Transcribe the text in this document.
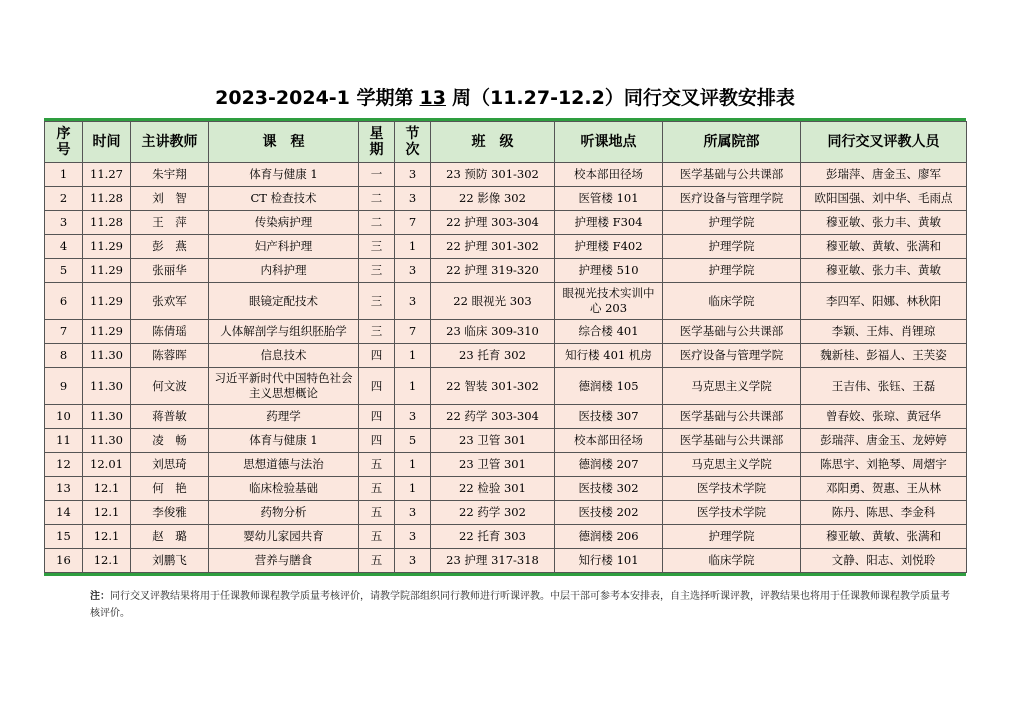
2023-2024-1 学期第 13 周（11.27-12.2）同行交叉评教安排表
序号	时间	主讲教师	课　程	星期	节次	班　级	听课地点	所属院部	同行交叉评教人员
1	11.27	朱宇翔	体育与健康 1	一	3	23 预防 301-302	校本部田径场	医学基础与公共课部	彭瑞萍、唐金玉、廖军
2	11.28	刘　智	CT 检查技术	二	3	22 影像 302	医管楼 101	医疗设备与管理学院	欧阳国强、刘中华、毛雨点
3	11.28	王　萍	传染病护理	二	7	22 护理 303-304	护理楼 F304	护理学院	穆亚敏、张力丰、黄敏
4	11.29	彭　燕	妇产科护理	三	1	22 护理 301-302	护理楼 F402	护理学院	穆亚敏、黄敏、张满和
5	11.29	张丽华	内科护理	三	3	22 护理 319-320	护理楼 510	护理学院	穆亚敏、张力丰、黄敏
6	11.29	张欢军	眼镜定配技术	三	3	22 眼视光 303	眼视光技术实训中心 203	临床学院	李四军、阳娜、林秋阳
7	11.29	陈倩瑶	人体解剖学与组织胚胎学	三	7	23 临床 309-310	综合楼 401	医学基础与公共课部	李颖、王炜、肖锂琼
8	11.30	陈蓉晖	信息技术	四	1	23 托育 302	知行楼 401 机房	医疗设备与管理学院	魏新桂、彭福人、王芙姿
9	11.30	何文波	习近平新时代中国特色社会主义思想概论	四	1	22 智装 301-302	德润楼 105	马克思主义学院	王吉伟、张钰、王磊
10	11.30	蒋普敏	药理学	四	3	22 药学 303-304	医技楼 307	医学基础与公共课部	曾春姣、张琼、黄冠华
11	11.30	凌　畅	体育与健康 1	四	5	23 卫管 301	校本部田径场	医学基础与公共课部	彭瑞萍、唐金玉、龙婷婷
12	12.01	刘思琦	思想道德与法治	五	1	23 卫管 301	德润楼 207	马克思主义学院	陈思宇、刘艳琴、周熠宇
13	12.1	何　艳	临床检验基础	五	1	22 检验 301	医技楼 302	医学技术学院	邓阳勇、贺惠、王从林
14	12.1	李俊雅	药物分析	五	3	22 药学 302	医技楼 202	医学技术学院	陈丹、陈思、李金科
15	12.1	赵　璐	婴幼儿家园共育	五	3	22 托育 303	德润楼 206	护理学院	穆亚敏、黄敏、张满和
16	12.1	刘鹏飞	营养与膳食	五	3	23 护理 317-318	知行楼 101	临床学院	文静、阳志、刘悦聆
注：同行交叉评教结果将用于任课教师课程教学质量考核评价，请教学院部组织同行教师进行听课评教。中层干部可参考本安排表，自主选择听课评教，评教结果也将用于任课教师课程教学质量考核评价。
